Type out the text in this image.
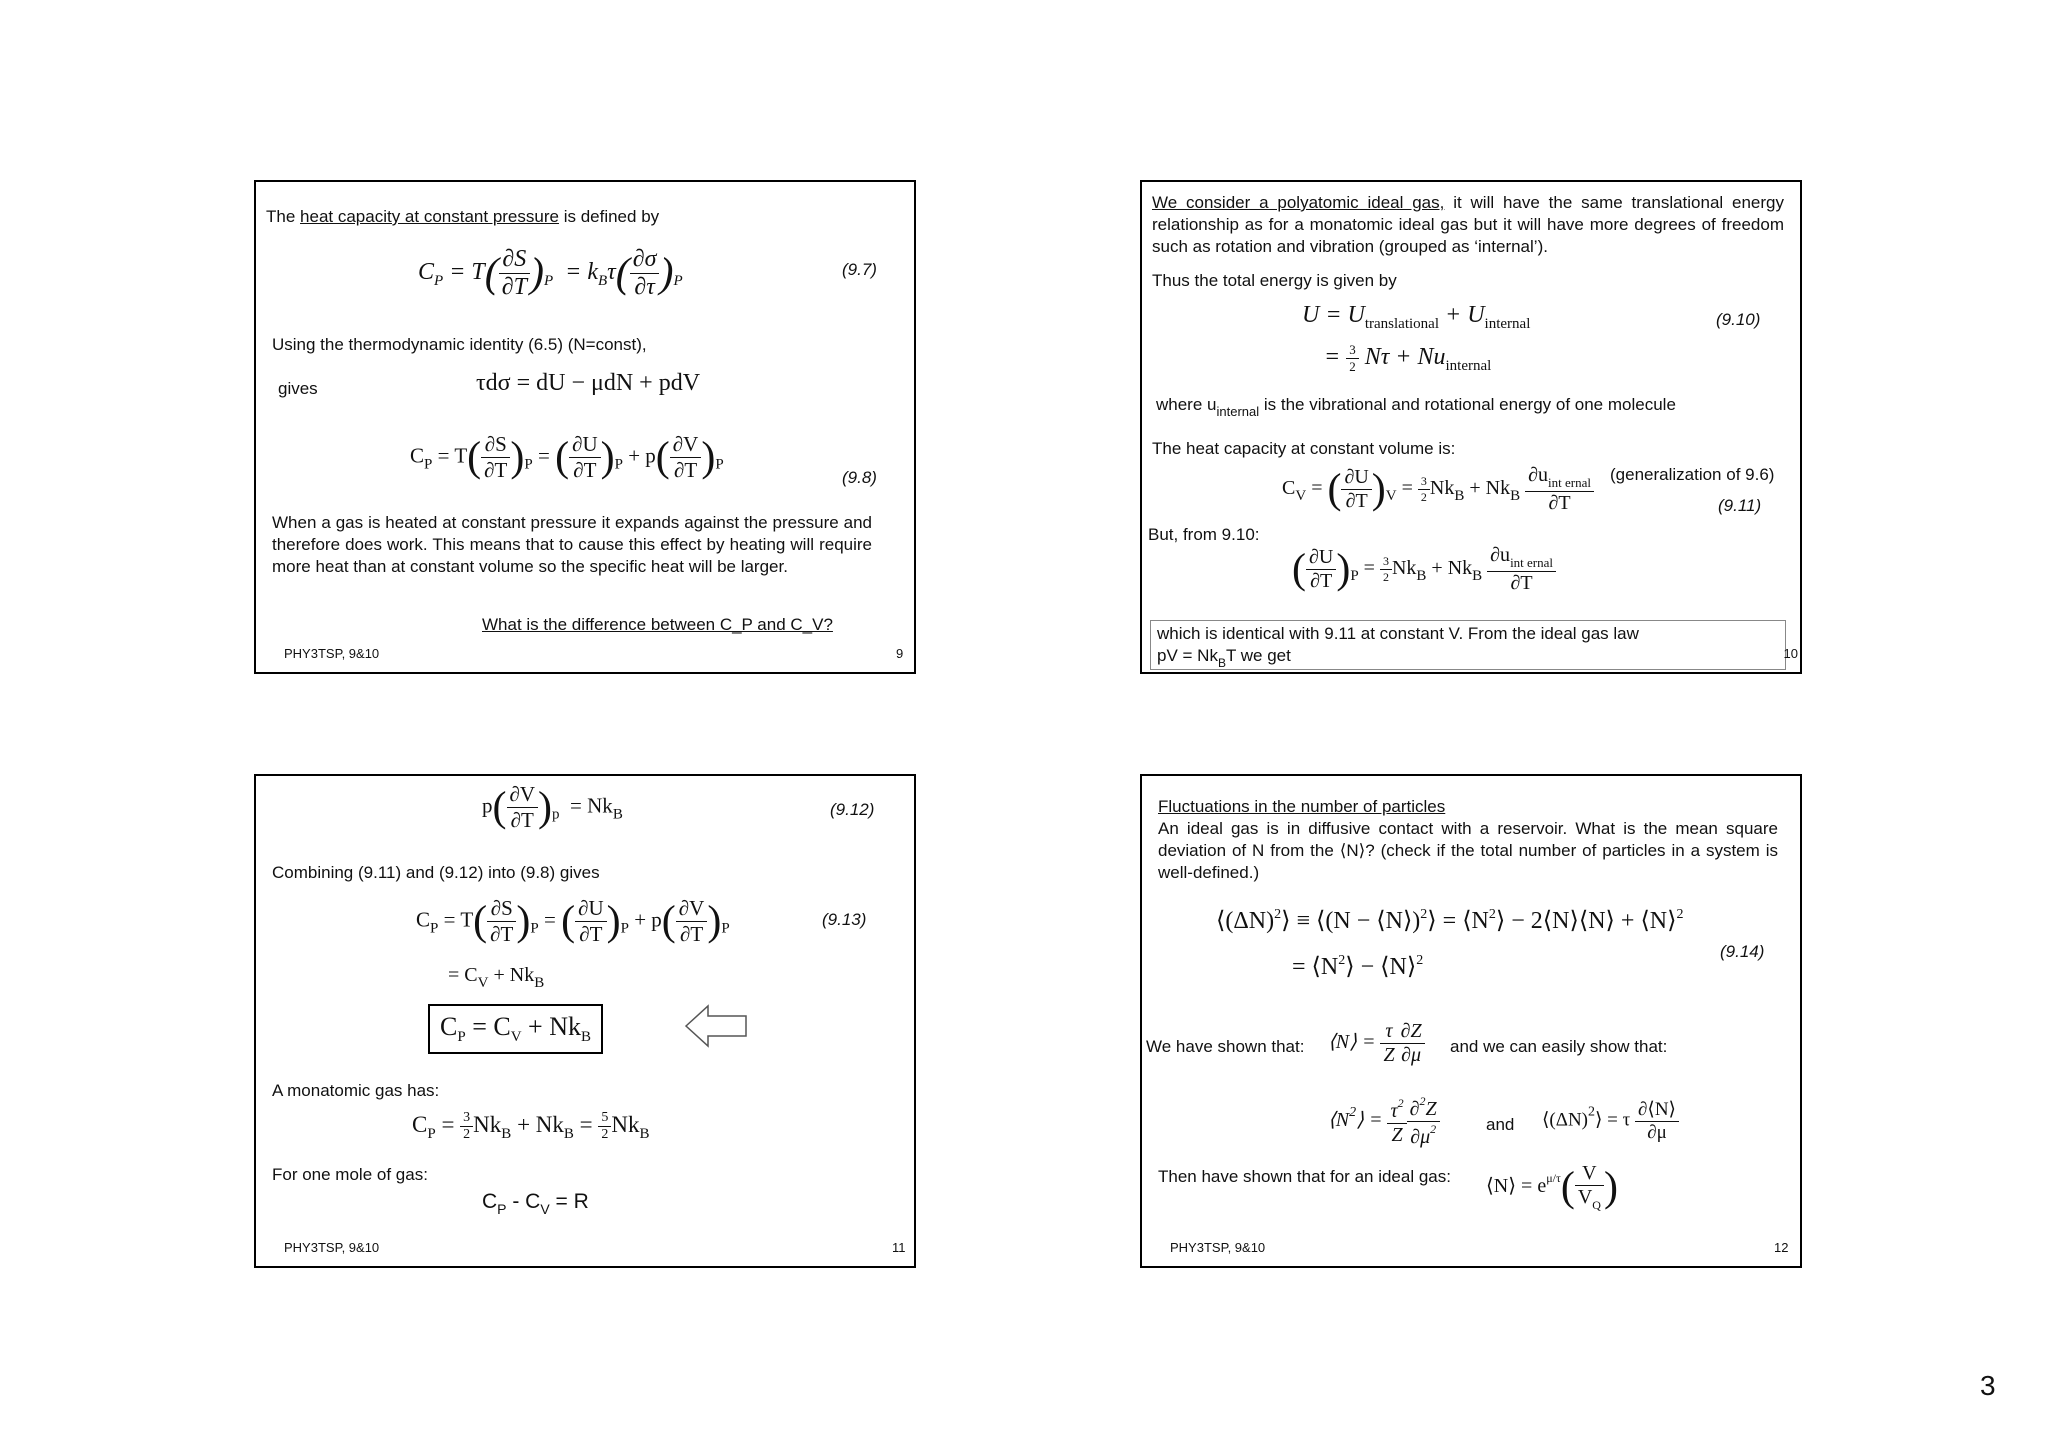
The heat capacity at constant pressure is defined by
$C_P = T( \frac{\partial S}{\partial T} )_P = k_B\tau( \frac{\partial\sigma}{\partial\tau} )_P$
(9.7)
Using the thermodynamic identity (6.5) (N=const),
gives	τdσ = dU − μdN + pdV
$C_P = T( \frac{\partial S}{\partial T} )_P$ = ( $\frac{\partial U}{\partial T} )_P + p( \frac{\partial V}{\partial T} )_P$
(9.8)
When a gas is heated at constant pressure it expands against the pressure and therefore does work. This means that to cause this effect by heating will require more heat than at constant volume so the specific heat will be larger.
What is the difference between C_P and C_V?
PHY3TSP, 9&10	9
We consider a polyatomic ideal gas, it will have the same translational energy relationship as for a monatomic ideal gas but it will have more degrees of freedom such as rotation and vibration (grouped as ‘internal’).
Thus the total energy is given by
$U = U_{translational} + U_{internal}$
= $\frac{3}{2}$ $N\tau + Nu_{internal}$
(9.10)
where $u_{internal}$ is the vibrational and rotational energy of one molecule
The heat capacity at constant volume is:
(generalization of 9.6)
$C_V$ = ( $\frac{\partial U}{\partial T} )_V = \frac{3}{2} Nk_B + Nk_B \frac{\partial u_{int ernal}}{\partial T}$	(9.11)
But, from 9.10:
( $\frac{\partial U}{\partial T} )_P = \frac{3}{2} Nk_B + Nk_B \frac{\partial u_{int ernal}}{\partial T}$
which is identical with 9.11 at constant V. From the ideal gas law
pV = $Nk_BT$ we get	10
$p( \frac{\partial V}{\partial T} )_p = Nk_B$	(9.12)
Combining (9.11) and (9.12) into (9.8) gives
$C_P = T( \frac{\partial S}{\partial T} )_P$ = ( $\frac{\partial U}{\partial T} )_P + p( \frac{\partial V}{\partial T} )_P$	(9.13)
= $C_V + Nk_B$
$C_P = C_V + Nk_B$
A monatomic gas has:
$C_P = \frac{3}{2} Nk_B + Nk_B = \frac{5}{2} Nk_B$
For one mole of gas:
$C_P - C_V = R$
PHY3TSP, 9&10	11
Fluctuations in the number of particles
An ideal gas is in diffusive contact with a reservoir. What is the mean square deviation of N from the ⟨N⟩? (check if the total number of particles in a system is well-defined.)
$⟨(\Delta N)^2⟩$ ≡ ⟨(N − ⟨N⟩)$^2$⟩ = $⟨N^2⟩$ − 2⟨N⟩⟨N⟩ + ⟨N⟩$^2$
= $⟨N^2⟩$ − ⟨N⟩$^2$	(9.14)
We have shown that: ⟨N⟩ = $\frac{\tau}{Z} \frac{\partial Z}{\partial\mu}$ and we can easily show that:
$⟨N^2⟩ = \frac{\tau^2}{Z} \frac{\partial^2Z}{\partial\mu^2}$	and $⟨(\Delta N)^2⟩ = \tau \frac{\partial⟨N⟩}{\partial\mu}$
Then have shown that for an ideal gas: ⟨N⟩ = $e^{\mu/\tau}( \frac{V}{V_Q}$ )
PHY3TSP, 9&10	12
3
